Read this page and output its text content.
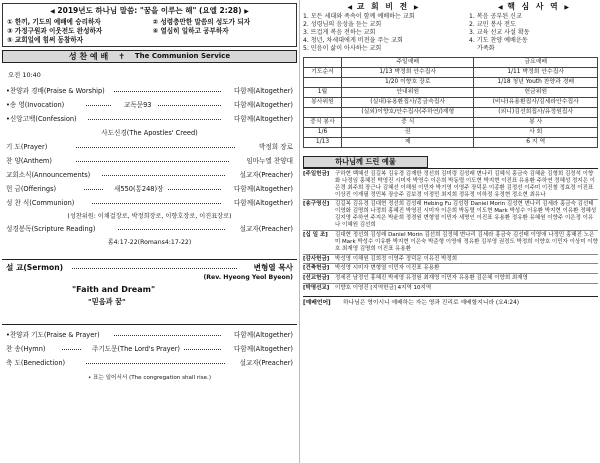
◀ 2019년도 하나님 말씀: "꿈을 이루는 해" (요엘 2:28) ▶
① 한끼, 기도의 예배에 승리하자	② 성령충만한 말씀의 성도가 되자
③ 가정구원과 이웃전도 완성하자	④ 열심히 일하고 공부하자
⑤ 교회일에 힘써 동참하자
성 찬 예 배 ✝ The Communion Service
오전 10:40
•찬양과 경배(Praise & Worship)	다함께(Altogether)
•송 영(Invocation)	교독문93	다함께(Altogether)
•신앙고백(Confession)	다함께(Altogether)
사도신경(The Apostles' Creed)
기 도(Prayer)	박정희 장로
찬 양(Anthem)	임마누엘 찬양대
교회소식(Announcements)	설교자(Preacher)
헌 금(Offerings)	새550(통248)장	다함께(Altogether)
성 찬 식(Communion)	다함께(Altogether)
(성찬위원: 이채걸장로, 박정희장로, 이향호장로, 이진표장로)
성경봉독(Scripture Reading)	설교자(Preacher)
롬4:17-22(Romans4:17-22)
설 교(Sermon)	변형열 목사
(Rev. Hyeong Yeol Byeon)
"Faith and Dream"
"믿음과 꿈"
•찬양과 기도(Praise & Prayer)	다함께(Altogether)
찬 송(Hymn)	주기도문(The Lord's Prayer)	다함께(Altogether)
축 도(Benediction)	설교자(Preacher)
• 표는 일어서서 (The congregation shall rise.)
◀ 교 회 비 전 ▶
1. 모든 세대와 족속이 함께 예배하는 교회
2. 성령님의 음성을 듣는 교회
3. 뜨겁게 복음 전하는 교회
4. 청년, 차세대에게 비전을 주는 교회
5. 민음이 삶이 아사하는 교회
◀ 핵 심 사 역 ▶
1. 복음 공부된 신교
2. 교민 봉사 전도
3. 교육 선교 사설 확동
4. 기도 찬양 예배운동
가족화
	주일예배	금요예배
기도순서	1/13 박정희 안수집사	1/11 박정희 안수집사
	1/20 이향호 장로	1/18 청년 Youth 찬양과 경배
1월	안내위원	헌금위원
봉사위원	(실내)유용환집사/홍금숙집사	(비나)유용환집사/김세라안수집사
	(실외)이향호/안수집사(주하연/)재형	(외니)김선희집사/유정원집사
중식 봉사	중 식	봉 사
1/6	권	사 회
1/13	제	6 지 역
하나님께 드린 예물
[주일헌금]	구하현 백혜선 김길복 김유경 김재한 정선희 김미령 김성래 변나리 김혜식 홍금숙 김혜윤 김형희 김정석 이향화 나정임 홍혜진 박영진 시미자 박영수 이은희 박동렬 이도현 박지현 이진표 유용환 주하연 정혜성 정지은 이은경 최주희 장근나 김혜선 이해원 이민자 박기영 이영주 장덕문 이종환 김정선 이주미 이진철 정효정 이진표 이상진 이재필 정민복 장승주 김보경 이정민 최지희 정유정 이하정 유정현 정소현 최유나
[송구영신]	김길복 김유경 김대현 정선희 김성래 Hebing Fu 김성령 Daniel Morin 김성현 변나리 김세라 홍금숙 김선태 이영화 김명희 나정희 홍혜진 박영진 시미자 이은희 박동렬 이도현 Mark 박성수 이유환 박지현 이유환 정혜성 김지영 주하연 주지은 박윤희 정경원 변형열 이민자 세명인 이진표 유용환 정유환 유혜원 이향주 이은정 이유나 이혜원 김선희
[십 일 조]	김대현 정선희 김성래 Daniel Morin 김선희 김정혜 변나리 김세라 홍금숙 김선태 이영애 나정민 홍혜진 노은미 Mark 박성수 이유환 박지현 이은숙 박준형 이영애 정유환 김부영 권정도 박정희 이향호 이민자 이상미 이향호 최재영 김명희 이진표 유용환
[감사헌금]	박성영 이해원 김희정 이영주 정덕문 이유진 박정희
[건축헌금]	박성영 시미자 변형열 이민자 이진표 유용환
[선교헌금]	정세진 남정인 홍혜진 박세영 유정원 최재영 이민자 유용환 김은혜 이향희 최재영
[박명선교]	이향호 이영진 [지역헌금] 4지역 10지역
[예배언어]	하나님은 영이시니 예배하는 자는 영과 진리로 예배할지니라 (요4:24)
